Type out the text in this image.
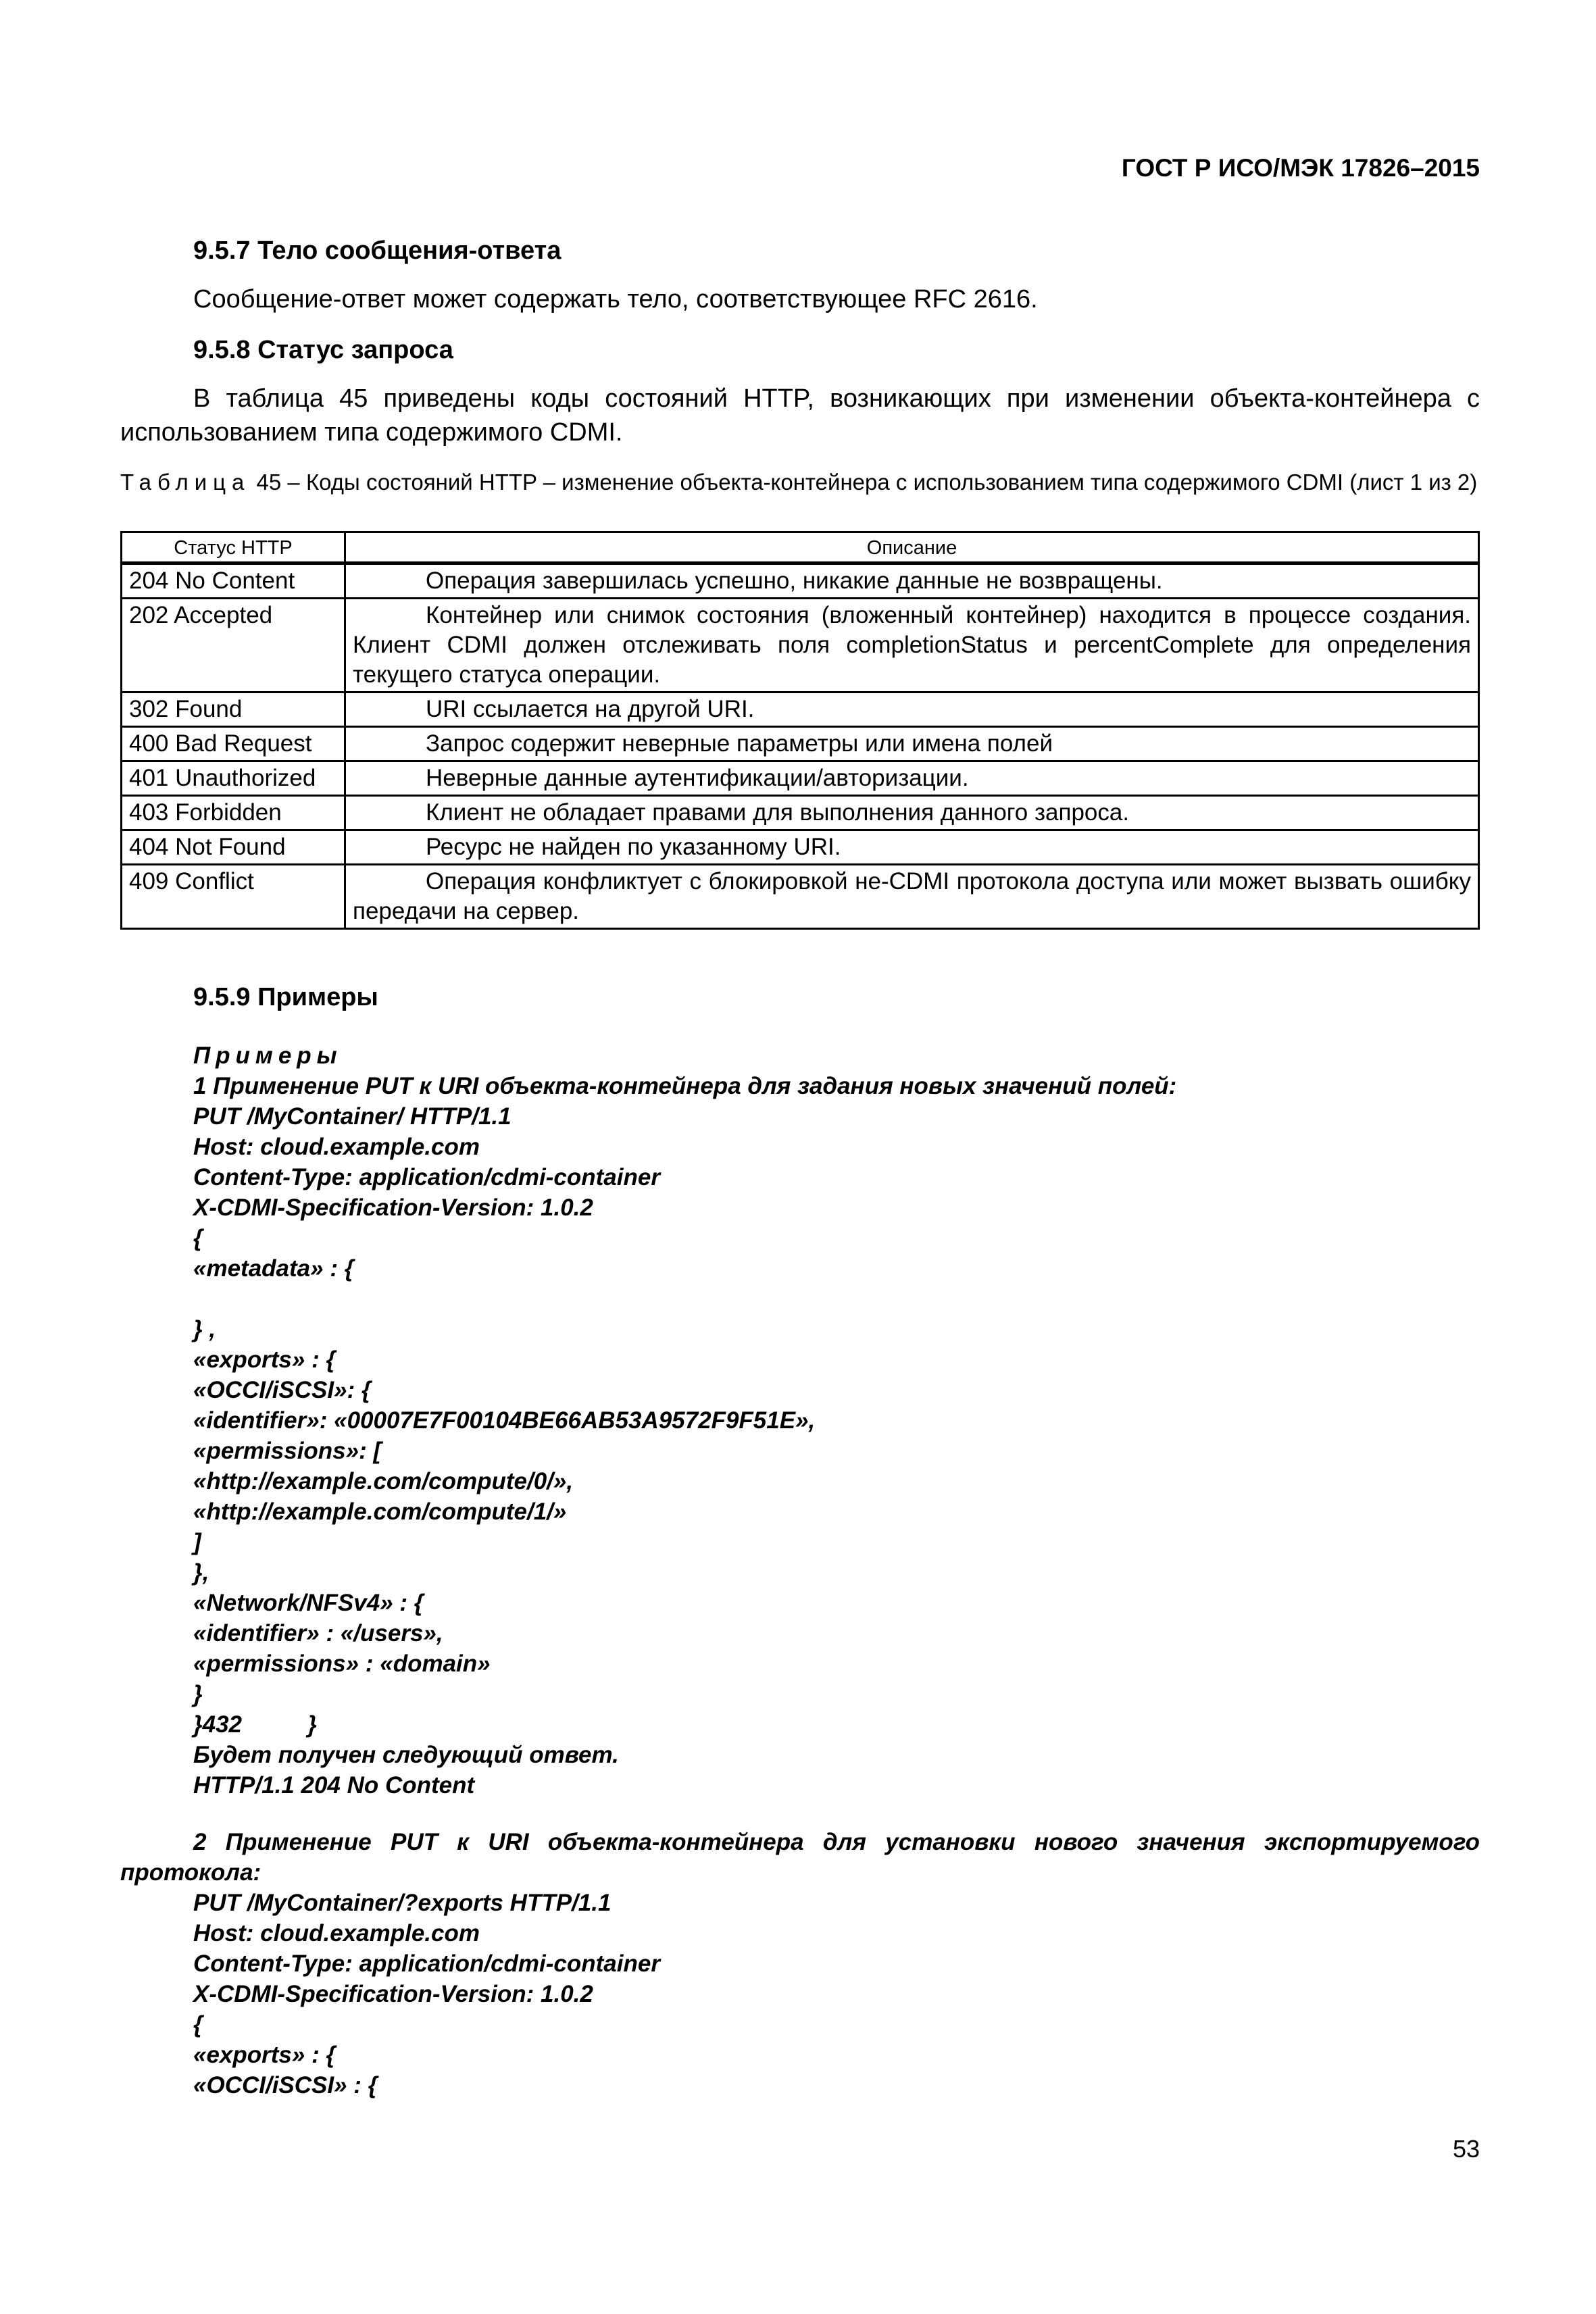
ГОСТ Р ИСО/МЭК 17826–2015
9.5.7 Тело сообщения-ответа
Сообщение-ответ может содержать тело, соответствующее RFC 2616.
9.5.8 Статус запроса
В таблица 45 приведены коды состояний HTTP, возникающих при изменении объекта-контейнера с использованием типа содержимого CDMI.
Таблица 45 – Коды состояний HTTP – изменение объекта-контейнера с использованием типа содержимого CDMI (лист 1 из 2)
Статус HTTP	Описание
204 No Content	Операция завершилась успешно, никакие данные не возвращены.
202 Accepted	Контейнер или снимок состояния (вложенный контейнер) находится в процессе создания. Клиент CDMI должен отслеживать поля completionStatus и percentComplete для определения текущего статуса операции.
302 Found	URI ссылается на другой URI.
400 Bad Request	Запрос содержит неверные параметры или имена полей
401 Unauthorized	Неверные данные аутентификации/авторизации.
403 Forbidden	Клиент не обладает правами для выполнения данного запроса.
404 Not Found	Ресурс не найден по указанному URI.
409 Conflict	Операция конфликтует с блокировкой не-CDMI протокола доступа или может вызвать ошибку передачи на сервер.
9.5.9 Примеры
Примеры
1 Применение PUT к URI объекта-контейнера для задания новых значений полей:
PUT /MyContainer/ HTTP/1.1
Host: cloud.example.com
Content-Type: application/cdmi-container
X-CDMI-Specification-Version: 1.0.2
{
«metadata» : {
} ,
«exports» : {
«OCCI/iSCSI»: {
«identifier»: «00007E7F00104BE66AB53A9572F9F51E»,
«permissions»: [
«http://example.com/compute/0/»,
«http://example.com/compute/1/»
]
},
«Network/NFSv4» : {
«identifier» : «/users»,
«permissions» : «domain»
}
}432          }
Будет получен следующий ответ.
HTTP/1.1 204 No Content
2 Применение PUT к URI объекта-контейнера для установки нового значения экспортируемого протокола:
PUT /MyContainer/?exports HTTP/1.1
Host: cloud.example.com
Content-Type: application/cdmi-container
X-CDMI-Specification-Version: 1.0.2
{
«exports» : {
«OCCI/iSCSI» : {
53
